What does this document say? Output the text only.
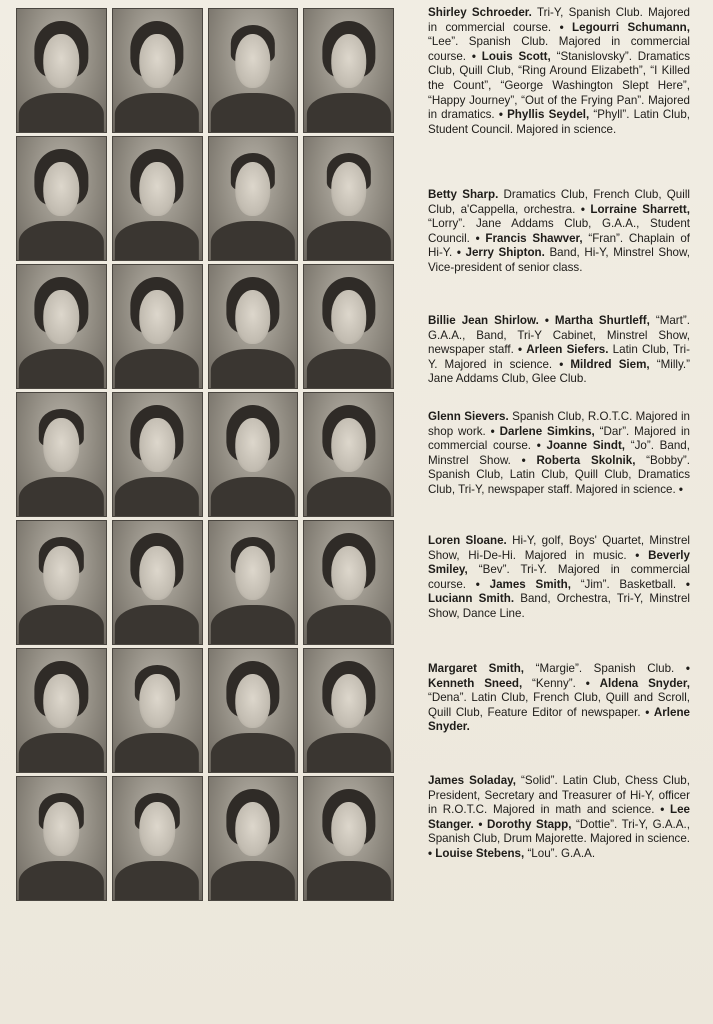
Shirley Schroeder. Tri-Y, Spanish Club. Majored in commercial course. • Legourri Schumann, “Lee”. Spanish Club. Majored in commercial course. • Louis Scott, “Stanislovsky”. Dramatics Club, Quill Club, “Ring Around Elizabeth”, “I Killed the Count”, “George Washington Slept Here”, “Happy Journey”, “Out of the Frying Pan”. Majored in dramatics. • Phyllis Seydel, “Phyll”. Latin Club, Student Council. Majored in science.

Betty Sharp. Dramatics Club, French Club, Quill Club, a'Cappella, orchestra. • Lorraine Sharrett, “Lorry”. Jane Addams Club, G.A.A., Student Council. • Francis Shawver, “Fran”. Chaplain of Hi-Y. • Jerry Shipton. Band, Hi-Y, Minstrel Show, Vice-president of senior class.

Billie Jean Shirlow. • Martha Shurtleff, “Mart”. G.A.A., Band, Tri-Y Cabinet, Minstrel Show, newspaper staff. • Arleen Siefers. Latin Club, Tri-Y. Majored in science. • Mildred Siem, “Milly.” Jane Addams Club, Glee Club.

Glenn Sievers. Spanish Club, R.O.T.C. Majored in shop work. • Darlene Simkins, “Dar”. Majored in commercial course. • Joanne Sindt, “Jo”. Band, Minstrel Show. • Roberta Skolnik, “Bobby”. Spanish Club, Latin Club, Quill Club, Dramatics Club, Tri-Y, newspaper staff. Majored in science. •

Loren Sloane. Hi-Y, golf, Boys' Quartet, Minstrel Show, Hi-De-Hi. Majored in music. • Beverly Smiley, “Bev”. Tri-Y. Majored in commercial course. • James Smith, “Jim”. Basketball. • Luciann Smith. Band, Orchestra, Tri-Y, Minstrel Show, Dance Line.

Margaret Smith, “Margie”. Spanish Club. • Kenneth Sneed, “Kenny”. • Aldena Snyder, “Dena”. Latin Club, French Club, Quill and Scroll, Quill Club, Feature Editor of newspaper. • Arlene Snyder.

James Soladay, “Solid”. Latin Club, Chess Club, President, Secretary and Treasurer of Hi-Y, officer in R.O.T.C. Majored in math and science. • Lee Stanger. • Dorothy Stapp, “Dottie”. Tri-Y, G.A.A., Spanish Club, Drum Majorette. Majored in science. • Louise Stebens, “Lou”. G.A.A.
